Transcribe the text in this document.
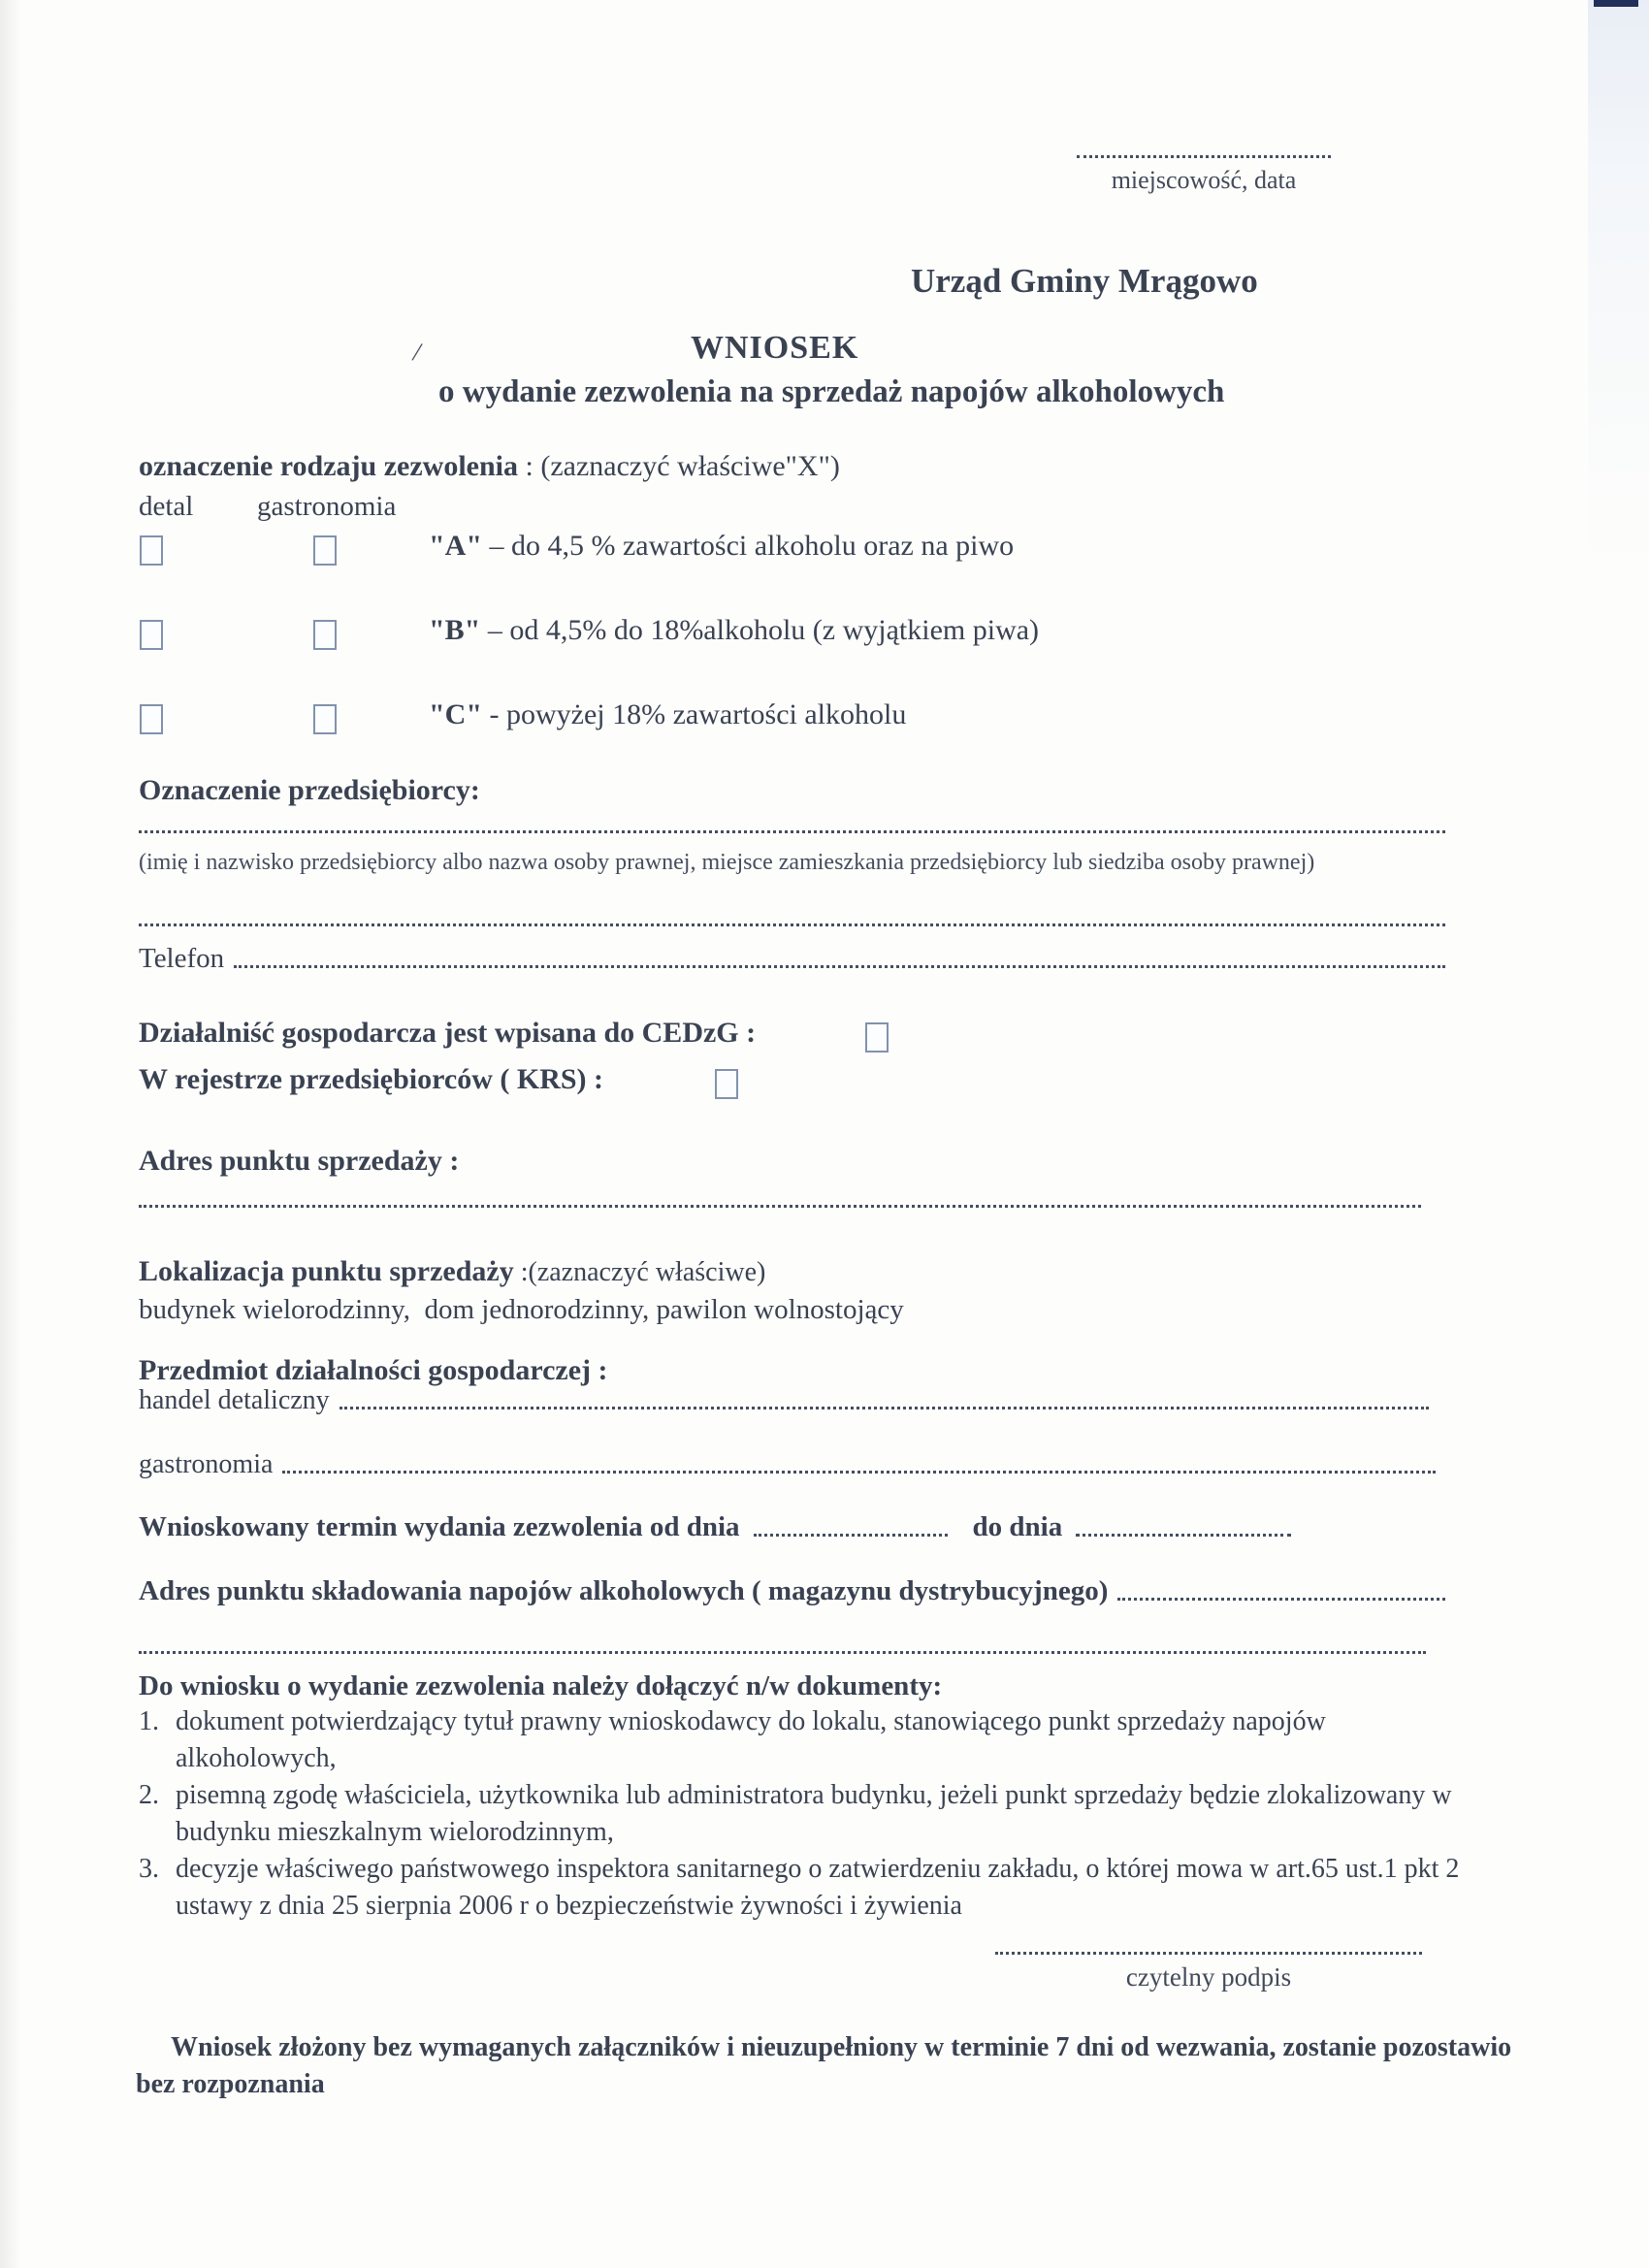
miejscowość, data
Urząd Gminy Mrągowo
/	WNIOSEK
o wydanie zezwolenia na sprzedaż napojów alkoholowych
oznaczenie rodzaju zezwolenia : (zaznaczyć właściwe"X")
detal gastronomia
"A" – do 4,5 % zawartości alkoholu oraz na piwo
"B" – od 4,5% do 18%alkoholu (z wyjątkiem piwa)
"C" - powyżej 18% zawartości alkoholu
Oznaczenie przedsiębiorcy:
(imię i nazwisko przedsiębiorcy albo nazwa osoby prawnej, miejsce zamieszkania przedsiębiorcy lub siedziba osoby prawnej)
Telefon
Działalniść gospodarcza jest wpisana do CEDzG :
W rejestrze przedsiębiorców ( KRS) :
Adres punktu sprzedaży :
Lokalizacja punktu sprzedaży :(zaznaczyć właściwe)
budynek wielorodzinny,  dom jednorodzinny, pawilon wolnostojący
Przedmiot działalności gospodarczej :
handel detaliczny
gastronomia
Wnioskowany termin wydania zezwolenia od dnia	do dnia
Adres punktu składowania napojów alkoholowych ( magazynu dystrybucyjnego)
Do wniosku o wydanie zezwolenia należy dołączyć n/w dokumenty:
1. dokument potwierdzający tytuł prawny wnioskodawcy do lokalu, stanowiącego punkt sprzedaży napojów alkoholowych,
2. pisemną zgodę właściciela, użytkownika lub administratora budynku, jeżeli punkt sprzedaży będzie zlokalizowany w budynku mieszkalnym wielorodzinnym,
3. decyzje właściwego państwowego inspektora sanitarnego o zatwierdzeniu zakładu, o której mowa w art.65 ust.1 pkt 2 ustawy z dnia 25 sierpnia 2006 r o bezpieczeństwie żywności i żywienia
czytelny podpis
Wniosek złożony bez wymaganych załączników i nieuzupełniony w terminie 7 dni od wezwania, zostanie pozostawio bez rozpoznania
